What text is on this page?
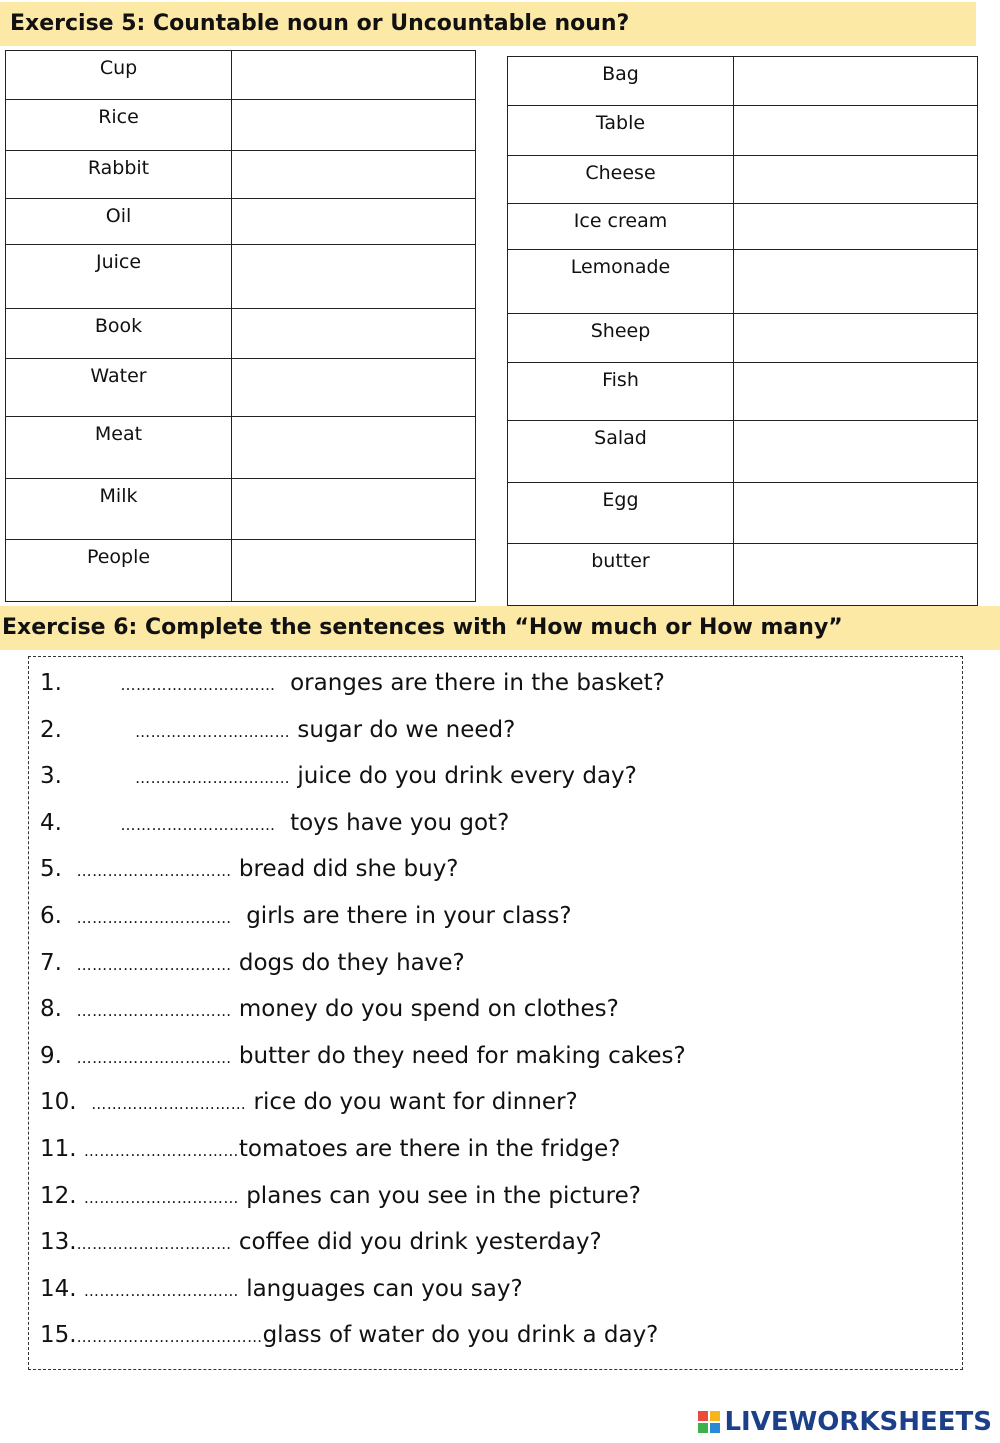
Exercise 5: Countable noun or Uncountable noun?
Cup	
Rice	
Rabbit	
Oil	
Juice	
Book	
Water	
Meat	
Milk	
People	
Bag	
Table	
Cheese	
Ice cream	
Lemonade	
Sheep	
Fish	
Salad	
Egg	
butter	
Exercise 6: Complete the sentences with “How much or How many”
1.	…………………………  oranges are there in the basket?
2.	………………………… sugar do we need?
3.	………………………… juice do you drink every day?
4.	…………………………  toys have you got?
5. ………………………… bread did she buy?
6. …………………………  girls are there in your class?
7. ………………………… dogs do they have?
8. ………………………… money do you spend on clothes?
9. ………………………… butter do they need for making cakes?
10. ………………………… rice do you want for dinner?
11. …………………………tomatoes are there in the fridge?
12. ………………………… planes can you see in the picture?
13.………………………… coffee did you drink yesterday?
14. ………………………… languages can you say?
15.………………………………glass of water do you drink a day?
LIVEWORKSHEETS
